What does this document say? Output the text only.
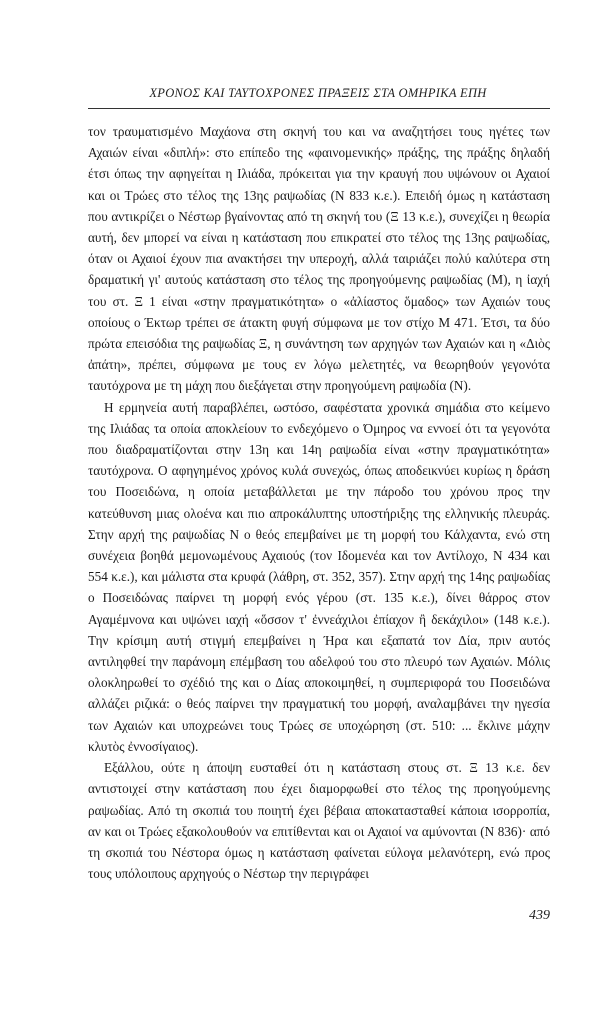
ΧΡΟΝΟΣ ΚΑΙ ΤΑΥΤΟΧΡΟΝΕΣ ΠΡΑΞΕΙΣ ΣΤΑ ΟΜΗΡΙΚΑ ΕΠΗ

τον τραυματισμένο Μαχάονα στη σκηνή του και να αναζητήσει τους ηγέτες των Αχαιών είναι «διπλή»: στο επίπεδο της «φαινομενικής» πράξης, της πράξης δηλαδή έτσι όπως την αφηγείται η Ιλιάδα, πρόκειται για την κραυγή που υψώνουν οι Αχαιοί και οι Τρώες στο τέλος της 13ης ραψωδίας (Ν 833 κ.ε.). Επειδή όμως η κατάσταση που αντικρίζει ο Νέστωρ βγαίνοντας από τη σκηνή του (Ξ 13 κ.ε.), συνεχίζει η θεωρία αυτή, δεν μπορεί να είναι η κατάσταση που επικρατεί στο τέλος της 13ης ραψωδίας, όταν οι Αχαιοί έχουν πια ανακτήσει την υπεροχή, αλλά ταιριάζει πολύ καλύτερα στη δραματική γι' αυτούς κατάσταση στο τέλος της προηγούμενης ραψωδίας (Μ), η ἰαχή του στ. Ξ 1 είναι «στην πραγματικότητα» ο «ἀλίαστος ὅμαδος» των Αχαιών τους οποίους ο Έκτωρ τρέπει σε άτακτη φυγή σύμφωνα με τον στίχο Μ 471. Έτσι, τα δύο πρώτα επεισόδια της ραψωδίας Ξ, η συνάντηση των αρχηγών των Αχαιών και η «Διὸς ἀπάτη», πρέπει, σύμφωνα με τους εν λόγω μελετητές, να θεωρηθούν γεγονότα ταυτόχρονα με τη μάχη που διεξάγεται στην προηγούμενη ραψωδία (Ν).

Η ερμηνεία αυτή παραβλέπει, ωστόσο, σαφέστατα χρονικά σημάδια στο κείμενο της Ιλιάδας τα οποία αποκλείουν το ενδεχόμενο ο Όμηρος να εννοεί ότι τα γεγονότα που διαδραματίζονται στην 13η και 14η ραψωδία είναι «στην πραγματικότητα» ταυτόχρονα. Ο αφηγημένος χρόνος κυλά συνεχώς, όπως αποδεικνύει κυρίως η δράση του Ποσειδώνα, η οποία μεταβάλλεται με την πάροδο του χρόνου προς την κατεύθυνση μιας ολοένα και πιο απροκάλυπτης υποστήριξης της ελληνικής πλευράς. Στην αρχή της ραψωδίας Ν ο θεός επεμβαίνει με τη μορφή του Κάλχαντα, ενώ στη συνέχεια βοηθά μεμονωμένους Αχαιούς (τον Ιδομενέα και τον Αντίλοχο, Ν 434 και 554 κ.ε.), και μάλιστα στα κρυφά (λάθρη, στ. 352, 357). Στην αρχή της 14ης ραψωδίας ο Ποσειδώνας παίρνει τη μορφή ενός γέρου (στ. 135 κ.ε.), δίνει θάρρος στον Αγαμέμνονα και υψώνει ιαχή «ὅσσον τ' ἐννεάχιλοι ἐπίαχον ἢ δεκάχιλοι» (148 κ.ε.). Την κρίσιμη αυτή στιγμή επεμβαίνει η Ήρα και εξαπατά τον Δία, πριν αυτός αντιληφθεί την παράνομη επέμβαση του αδελφού του στο πλευρό των Αχαιών. Μόλις ολοκληρωθεί το σχέδιό της και ο Δίας αποκοιμηθεί, η συμπεριφορά του Ποσειδώνα αλλάζει ριζικά: ο θεός παίρνει την πραγματική του μορφή, αναλαμβάνει την ηγεσία των Αχαιών και υποχρεώνει τους Τρώες σε υποχώρηση (στ. 510: ... ἔκλινε μάχην κλυτὸς ἐννοσίγαιος).

Εξάλλου, ούτε η άποψη ευσταθεί ότι η κατάσταση στους στ. Ξ 13 κ.ε. δεν αντιστοιχεί στην κατάσταση που έχει διαμορφωθεί στο τέλος της προηγούμενης ραψωδίας. Από τη σκοπιά του ποιητή έχει βέβαια αποκατασταθεί κάποια ισορροπία, αν και οι Τρώες εξακολουθούν να επιτίθενται και οι Αχαιοί να αμύνονται (Ν 836)· από τη σκοπιά του Νέστορα όμως η κατάσταση φαίνεται εύλογα μελανότερη, ενώ προς τους υπόλοιπους αρχηγούς ο Νέστωρ την περιγράφει

439
